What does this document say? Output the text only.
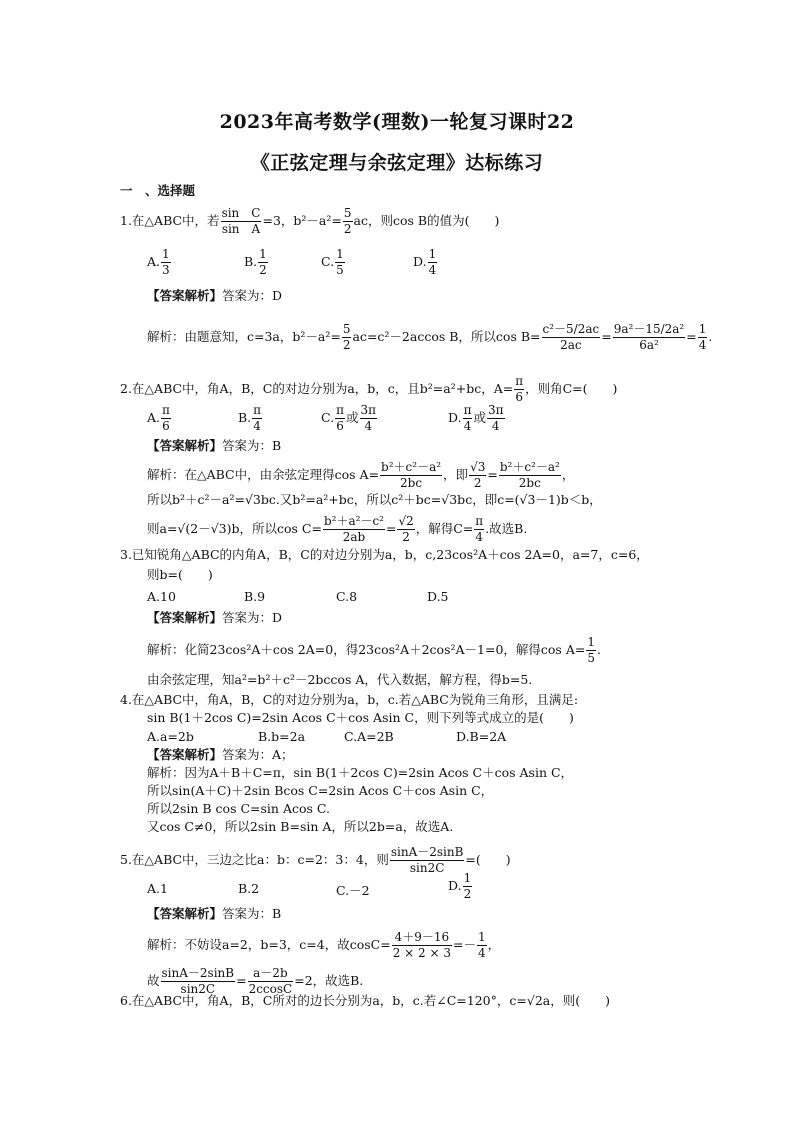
2023年高考数学(理数)一轮复习课时22
《正弦定理与余弦定理》达标练习
一　、选择题
1.在△ABC中，若 $\frac{\text{sin　C}}{\text{sin　A}} =3$，$b^2-a^2= \frac{5}{2}$ ac，则cos B的值为(　　)
A. $\frac{1}{3}$	B. $\frac{1}{2}$	C. $\frac{1}{5}$	D. $\frac{1}{4}$
【答案解析】答案为：D
解析：由题意知，c=3a，$b^2-a^2= \frac{5}{2} ac=c^2-2accos$ B，所以$\cos B= \frac{\text{c²－5/2ac}}{2ac} = \frac{\text{9a²－15/2a²}}{\text{6a²}} = \frac{1}{4}$ .
2.在△ABC中，角A，B，C的对边分别为a，b，c，且b²=a²+bc，$A= \frac{\pi}{6}$ ，则角C=(　　)
A. $\frac{\pi}{6}$	B. $\frac{\pi}{4}$	C. $\frac{\pi}{6}$ 或 $\frac{3\pi}{4}$	D. $\frac{\pi}{4}$ 或 $\frac{3\pi}{4}$
【答案解析】答案为：B
解析：在△ABC中，由余弦定理得$\cos A= \frac{\text{b²＋c²－a²}}{2bc}$ ，即 $\frac{√3}{2} = \frac{\text{b²＋c²－a²}}{2bc}$ ，
所以b²＋c²－a²=√3bc.又b²=a²+bc，所以c²＋bc=√3bc，即c=(√3－1)b＜b，
则a=√(2－√3)b，所以$\cos C= \frac{\text{b²＋a²－c²}}{2ab} = \frac{√2}{2}$ ，解得$C= \frac{\pi}{4}$ .故选B.
3.已知锐角△ABC的内角A，B，C的对边分别为a，b，c,23cos²A＋cos 2A=0，a=7，c=6，
则b=(　　)
A.10	B.9	C.8	D.5
【答案解析】答案为：D
解析：化简23cos²A＋cos 2A=0，得23cos²A＋2cos²A－1=0，解得$\cos A= \frac{1}{5}$ .
由余弦定理，知a²=b²＋c²－2bccos A，代入数据，解方程，得b=5.
4.在△ABC中，角A，B，C的对边分别为a，b，c.若△ABC为锐角三角形，且满足:
sin B(1＋2cos C)=2sin Acos C＋cos Asin C，则下列等式成立的是(　　)
A.a=2b	B.b=2a	C.A=2B	D.B=2A
【答案解析】答案为：A；
解析：因为A＋B＋C=π，sin B(1＋2cos C)=2sin Acos C＋cos Asin C，
所以sin(A＋C)＋2sin Bcos C=2sin Acos C＋cos Asin C，
所以2sin B cos C=sin Acos C.
又cos C≠0，所以2sin B=sin A，所以2b=a，故选A.
5.在△ABC中，三边之比a：b：c=2：3：4，则 $\frac{\sin A-2\sin B}{\sin 2C}$ =(　　)
A.1	B.2	C.－2	D. $\frac{1}{2}$
【答案解析】答案为：B
解析：不妨设a=2，b=3，c=4，故$\cos C= \frac{4+9-16}{2 \times 2 \times 3} =- \frac{1}{4}$ ，
故 $\frac{\sin A-2\sin B}{\sin 2C} = \frac{a-2b}{2ccosC} =2$，故选B.
6.在△ABC中，角A，B，C所对的边长分别为a，b，c.若∠C=120°，c=√2a，则(　　)
